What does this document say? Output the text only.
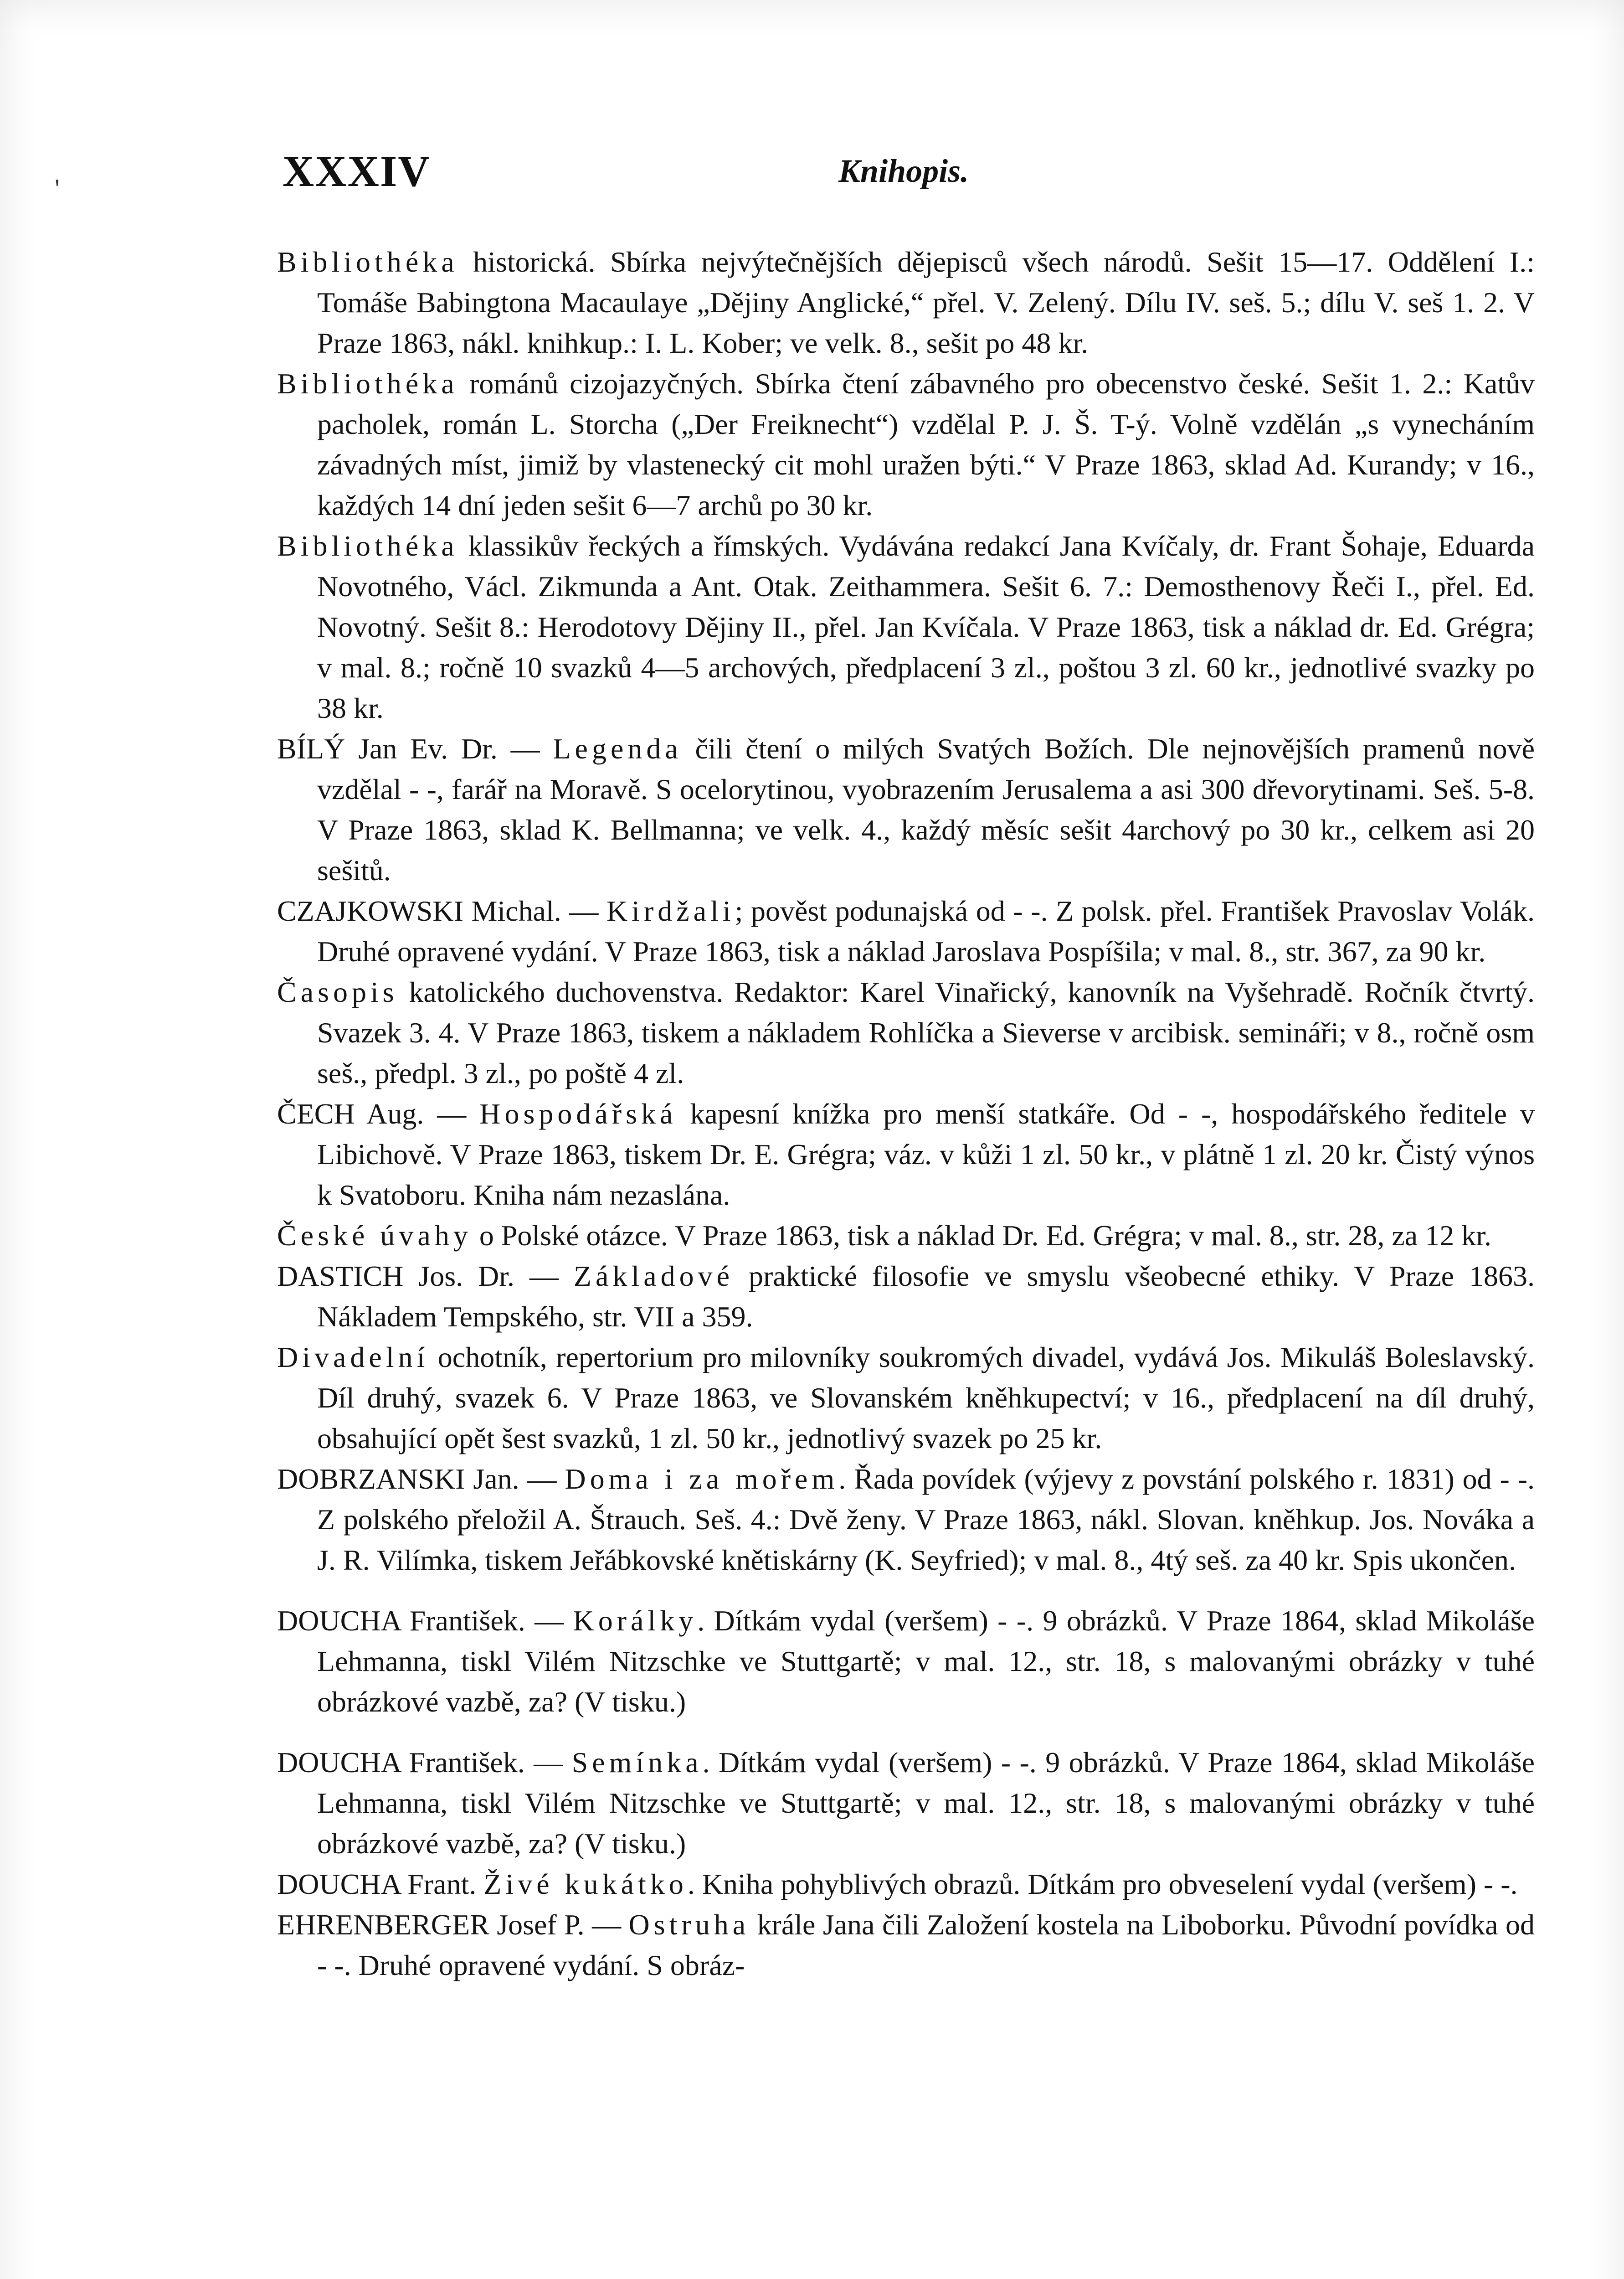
XXXIV	Knihopis.

Bibliothéka historická. Sbírka nejvýtečnějších dějepisců všech národů. Sešit 15—17. Oddělení I.: Tomáše Babingtona Macaulaye „Dějiny Anglické,“ přel. V. Zelený. Dílu IV. seš. 5.; dílu V. seš 1. 2. V Praze 1863, nákl. knihkup.: I. L. Kober; ve velk. 8., sešit po 48 kr.

Bibliothéka románů cizojazyčných. Sbírka čtení zábavného pro obecenstvo české. Sešit 1. 2.: Katův pacholek, román L. Storcha („Der Freiknecht“) vzdělal P. J. Š. T-ý. Volně vzdělán „s vynecháním závadných míst, jimiž by vlastenecký cit mohl uražen býti.“ V Praze 1863, sklad Ad. Kurandy; v 16., každých 14 dní jeden sešit 6—7 archů po 30 kr.

Bibliothéka klassikův řeckých a římských. Vydávána redakcí Jana Kvíčaly, dr. Frant Šohaje, Eduarda Novotného, Václ. Zikmunda a Ant. Otak. Zeithammera. Sešit 6. 7.: Demosthenovy Řeči I., přel. Ed. Novotný. Sešit 8.: Herodotovy Dějiny II., přel. Jan Kvíčala. V Praze 1863, tisk a náklad dr. Ed. Grégra; v mal. 8.; ročně 10 svazků 4—5 archových, předplacení 3 zl., poštou 3 zl. 60 kr., jednotlivé svazky po 38 kr.

BÍLÝ Jan Ev. Dr. — Legenda čili čtení o milých Svatých Božích. Dle nejnovějších pramenů nově vzdělal - -, farář na Moravě. S ocelorytinou, vyobrazením Jerusalema a asi 300 dřevorytinami. Seš. 5-8. V Praze 1863, sklad K. Bellmanna; ve velk. 4., každý měsíc sešit 4archový po 30 kr., celkem asi 20 sešitů.

CZAJKOWSKI Michal. — Kirdžali; pověst podunajská od - -. Z polsk. přel. František Pravoslav Volák. Druhé opravené vydání. V Praze 1863, tisk a náklad Jaroslava Pospíšila; v mal. 8., str. 367, za 90 kr.

Časopis katolického duchovenstva. Redaktor: Karel Vinařický, kanovník na Vyšehradě. Ročník čtvrtý. Svazek 3. 4. V Praze 1863, tiskem a nákladem Rohlíčka a Sieverse v arcibisk. semináři; v 8., ročně osm seš., předpl. 3 zl., po poště 4 zl.

ČECH Aug. — Hospodářská kapesní knížka pro menší statkáře. Od - -, hospodářského ředitele v Libichově. V Praze 1863, tiskem Dr. E. Grégra; váz. v kůži 1 zl. 50 kr., v plátně 1 zl. 20 kr. Čistý výnos k Svatoboru. Kniha nám nezaslána.

České úvahy o Polské otázce. V Praze 1863, tisk a náklad Dr. Ed. Grégra; v mal. 8., str. 28, za 12 kr.

DASTICH Jos. Dr. — Základové praktické filosofie ve smyslu všeobecné ethiky. V Praze 1863. Nákladem Tempského, str. VII a 359.

Divadelní ochotník, repertorium pro milovníky soukromých divadel, vydává Jos. Mikuláš Boleslavský. Díl druhý, svazek 6. V Praze 1863, ve Slovanském kněhkupectví; v 16., předplacení na díl druhý, obsahující opět šest svazků, 1 zl. 50 kr., jednotlivý svazek po 25 kr.

DOBRZANSKI Jan. — Doma i za mořem. Řada povídek (výjevy z povstání polského r. 1831) od - -. Z polského přeložil A. Štrauch. Seš. 4.: Dvě ženy. V Praze 1863, nákl. Slovan. kněhkup. Jos. Nováka a J. R. Vilímka, tiskem Jeřábkovské knětiskárny (K. Seyfried); v mal. 8., 4tý seš. za 40 kr. Spis ukončen.

DOUCHA František. — Korálky. Dítkám vydal (veršem) - -. 9 obrázků. V Praze 1864, sklad Mikoláše Lehmanna, tiskl Vilém Nitzschke ve Stuttgartě; v mal. 12., str. 18, s malovanými obrázky v tuhé obrázkové vazbě, za? (V tisku.)

DOUCHA František. — Semínka. Dítkám vydal (veršem) - -. 9 obrázků. V Praze 1864, sklad Mikoláše Lehmanna, tiskl Vilém Nitzschke ve Stuttgartě; v mal. 12., str. 18, s malovanými obrázky v tuhé obrázkové vazbě, za? (V tisku.)

DOUCHA Frant. Živé kukátko. Kniha pohyblivých obrazů. Dítkám pro obveselení vydal (veršem) - -.

EHRENBERGER Josef P. — Ostruha krále Jana čili Založení kostela na Liboborku. Původní povídka od - -. Druhé opravené vydání. S obráz-

'
